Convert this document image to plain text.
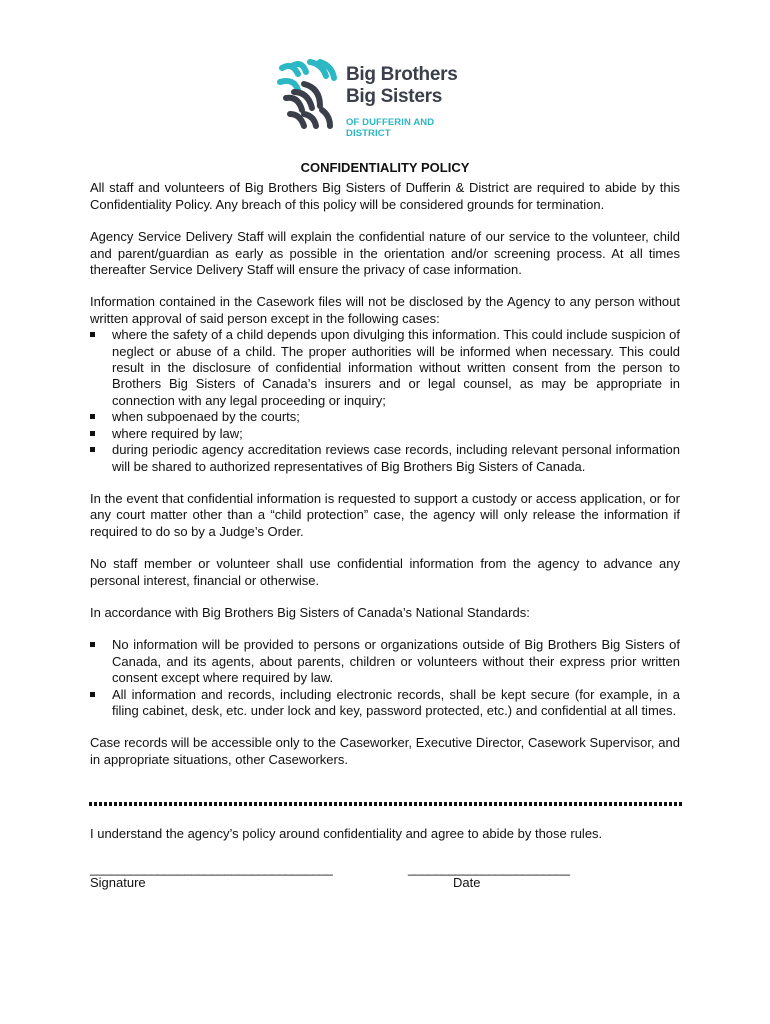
Big Brothers
Big Sisters
OF DUFFERIN AND DISTRICT
CONFIDENTIALITY POLICY

All staff and volunteers of Big Brothers Big Sisters of Dufferin & District are required to abide by this Confidentiality Policy. Any breach of this policy will be considered grounds for termination.

Agency Service Delivery Staff will explain the confidential nature of our service to the volunteer, child and parent/guardian as early as possible in the orientation and/or screening process. At all times thereafter Service Delivery Staff will ensure the privacy of case information.

Information contained in the Casework files will not be disclosed by the Agency to any person without written approval of said person except in the following cases:

where the safety of a child depends upon divulging this information. This could include suspicion of neglect or abuse of a child. The proper authorities will be informed when necessary. This could result in the disclosure of confidential information without written consent from the person to Brothers Big Sisters of Canada’s insurers and or legal counsel, as may be appropriate in connection with any legal proceeding or inquiry;
when subpoenaed by the courts;
where required by law;
during periodic agency accreditation reviews case records, including relevant personal information will be shared to authorized representatives of Big Brothers Big Sisters of Canada.

In the event that confidential information is requested to support a custody or access application, or for any court matter other than a “child protection” case, the agency will only release the information if required to do so by a Judge’s Order.

No staff member or volunteer shall use confidential information from the agency to advance any personal interest, financial or otherwise.

In accordance with Big Brothers Big Sisters of Canada’s National Standards:

No information will be provided to persons or organizations outside of Big Brothers Big Sisters of Canada, and its agents, about parents, children or volunteers without their express prior written consent except where required by law.
All information and records, including electronic records, shall be kept secure (for example, in a filing cabinet, desk, etc. under lock and key, password protected, etc.) and confidential at all times.

Case records will be accessible only to the Caseworker, Executive Director, Casework Supervisor, and in appropriate situations, other Caseworkers.

I understand the agency’s policy around confidentiality and agree to abide by those rules.
____________________________________	________________________
Signature	Date
